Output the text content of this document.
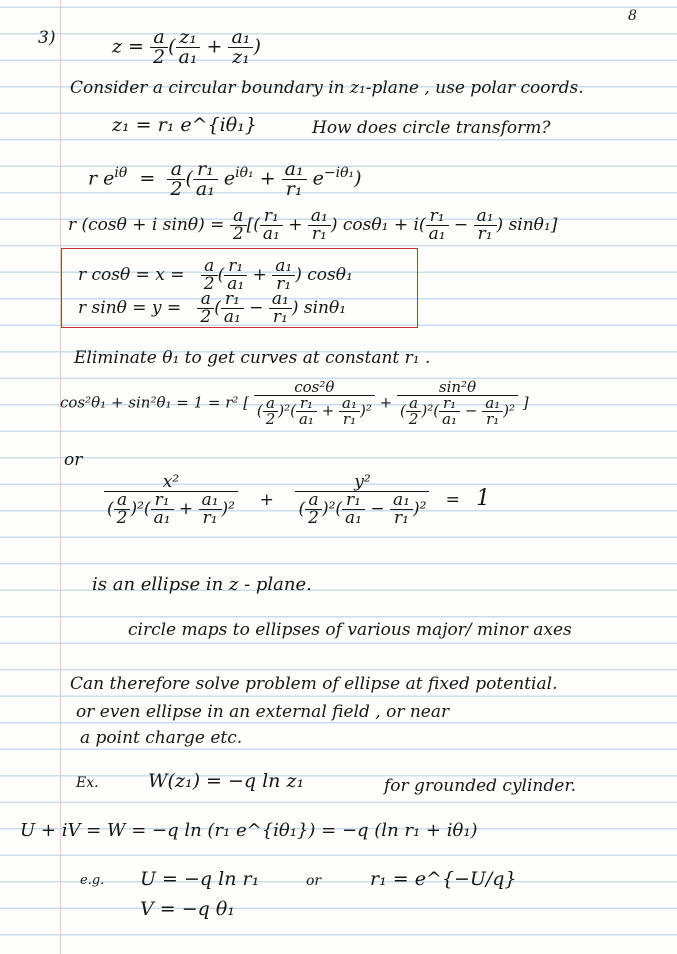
8
3)	$z = \frac{a}{2}$ ( $\frac{\text{z₁}}{\text{a₁}} + \frac{\text{a₁}}{\text{z₁}}$ )
Consider a circular boundary in z₁-plane , use polar coords.
z₁ = r₁ e^{iθ₁}	How does circle transform?
r $e^{i\theta} = \frac{a}{2}$ ( $\frac{\text{r₁}}{\text{a₁}} e^{i\theta_1} + \frac{\text{a₁}}{\text{r₁}} e^{-i\theta_1}$)
r (cosθ + i $\sin\theta) = \frac{a}{2}$ [( $\frac{\text{r₁}}{\text{a₁}} + \frac{\text{a₁}}{\text{r₁}}$ ) $\cos\theta_1 + i( \frac{\text{r₁}}{\text{a₁}} - \frac{\text{a₁}}{\text{r₁}}$ ) sinθ₁]
r $\cos\theta = x = \frac{a}{2}$ ( $\frac{\text{r₁}}{\text{a₁}} + \frac{\text{a₁}}{\text{r₁}}$ ) cosθ₁
r $\sin\theta = y = \frac{a}{2}$ ( $\frac{\text{r₁}}{\text{a₁}} - \frac{\text{a₁}}{\text{r₁}}$ ) sinθ₁
Eliminate θ₁ to get curves at constant r₁ .
cos²θ₁ + sin²θ₁ = 1 = r² [ $\frac{\text{cos²θ}}{( \frac{a}{2} )^2( \frac{\text{r₁}}{\text{a₁}} + \frac{\text{a₁}}{\text{r₁}} )^2} + \frac{\text{sin²θ}}{( \frac{a}{2} )^2( \frac{\text{r₁}}{\text{a₁}} - \frac{\text{a₁}}{\text{r₁}} )^2}$ ]
or
$\frac{\text{x²}}{( \frac{a}{2} )^2( \frac{\text{r₁}}{\text{a₁}} + \frac{\text{a₁}}{\text{r₁}} )^2} + \frac{\text{y²}}{( \frac{a}{2} )^2( \frac{\text{r₁}}{\text{a₁}} - \frac{\text{a₁}}{\text{r₁}} )^2} = 1$
is an ellipse in z - plane.
circle maps to ellipses of various major/ minor axes
Can therefore solve problem of ellipse at fixed potential.
or even ellipse in an external field , or near
a point charge etc.
Ex.	W(z₁) = −q ln z₁	for grounded cylinder.
U + iV = W = −q ln (r₁ e^{iθ₁}) = −q (ln r₁ + iθ₁)
e.g. U = −q ln r₁	or	r₁ = e^{−U/q}
V = −q θ₁
